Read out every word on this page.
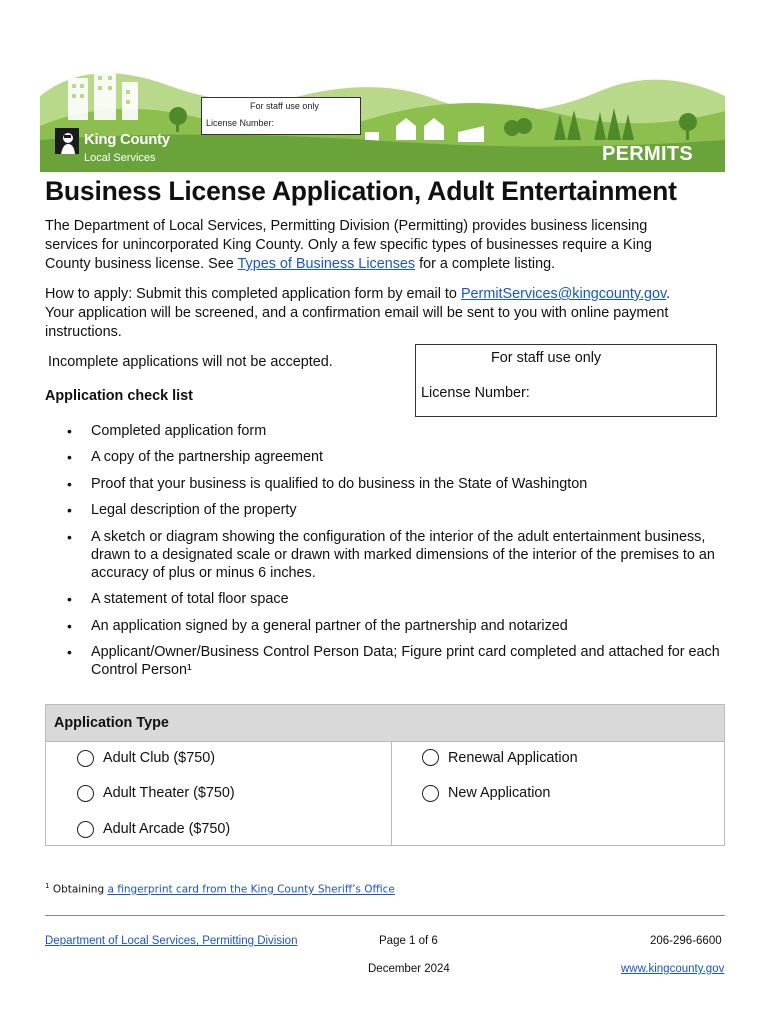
For staff use only
License Number:
King County
Local Services	PERMITS
Business License Application, Adult Entertainment
The Department of Local Services, Permitting Division (Permitting) provides business licensing
services for unincorporated King County. Only a few specific types of businesses require a King
County business license. See Types of Business Licenses for a complete listing.
How to apply: Submit this completed application form by email to PermitServices@kingcounty.gov.
Your application will be screened, and a confirmation email will be sent to you with online payment
instructions.
Incomplete applications will not be accepted.	For staff use only
License Number:
Application check list
• Completed application form
• A copy of the partnership agreement
• Proof that your business is qualified to do business in the State of Washington
• Legal description of the property
• A sketch or diagram showing the configuration of the interior of the adult entertainment business, drawn to a designated scale or drawn with marked dimensions of the interior of the premises to an accuracy of plus or minus 6 inches.
• A statement of total floor space
• An application signed by a general partner of the partnership and notarized
• Applicant/Owner/Business Control Person Data; Figure print card completed and attached for each Control Person¹
Application Type
Adult Club ($750)
Adult Theater ($750)
Adult Arcade ($750)
Renewal Application
New Application
$^1$ Obtaining a fingerprint card from the King County Sheriff’s Office
Department of Local Services, Permitting Division	Page 1 of 6	206-296-6600
December 2024	www.kingcounty.gov
